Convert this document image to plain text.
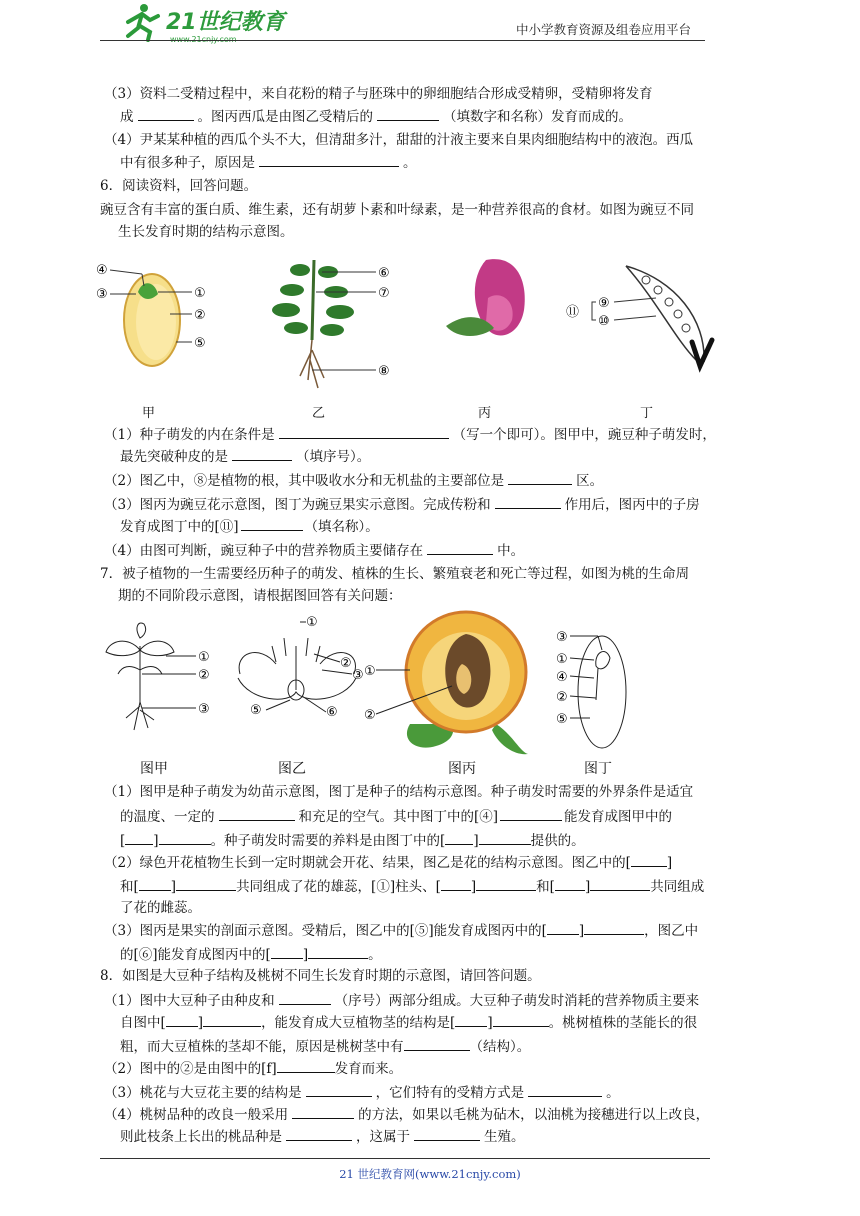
21世纪教育
www.21cnjy.com
中小学教育资源及组卷应用平台
（3）资料二受精过程中，来自花粉的精子与胚珠中的卵细胞结合形成受精卵，受精卵将发育
成	。图丙西瓜是由图乙受精后的	（填数字和名称）发育而成的。
（4）尹某某种植的西瓜个头不大，但清甜多汁，甜甜的汁液主要来自果肉细胞结构中的液泡。西瓜
中有很多种子，原因是	。
6．阅读资料，回答问题。
豌豆含有丰富的蛋白质、维生素，还有胡萝卜素和叶绿素，是一种营养很高的食材。如图为豌豆不同
生长发育时期的结构示意图。
④
③	①
②
⑤
⑥
⑦
⑧
⑪
⑨
⑩
甲	乙	丙	丁
（1）种子萌发的内在条件是	（写一个即可）。图甲中，豌豆种子萌发时，
最先突破种皮的是	（填序号）。
（2）图乙中，⑧是植物的根，其中吸收水分和无机盐的主要部位是	区。
（3）图丙为豌豆花示意图，图丁为豌豆果实示意图。完成传粉和	作用后，图丙中的子房
发育成图丁中的[⑪]	（填名称）。
（4）由图可判断，豌豆种子中的营养物质主要储存在	中。
7．被子植物的一生需要经历种子的萌发、植株的生长、繁殖衰老和死亡等过程，如图为桃的生命周
期的不同阶段示意图，请根据图回答有关问题：
①
②
③
①
②
③
⑤	⑥
①
②
③
①
④
②
⑤
图甲	图乙	图丙	图丁
（1）图甲是种子萌发为幼苗示意图，图丁是种子的结构示意图。种子萌发时需要的外界条件是适宜
的温度、一定的	和充足的空气。其中图丁中的[④]	能发育成图甲中的
[ ]	。种子萌发时需要的养料是由图丁中的[ ]	提供的。
（2）绿色开花植物生长到一定时期就会开花、结果，图乙是花的结构示意图。图乙中的[	]
和[ ]	共同组成了花的雄蕊，[①]柱头、[ ]	和[ ]	共同组成
了花的雌蕊。
（3）图丙是果实的剖面示意图。受精后，图乙中的[⑤]能发育成图丙中的[ ]	，图乙中
的[⑥]能发育成图丙中的[ ]	。
8．如图是大豆种子结构及桃树不同生长发育时期的示意图，请回答问题。
（1）图中大豆种子由种皮和	（序号）两部分组成。大豆种子萌发时消耗的营养物质主要来
自图中[ ]	，能发育成大豆植物茎的结构是[ ]	。桃树植株的茎能长的很
粗，而大豆植株的茎却不能，原因是桃树茎中有	（结构）。
（2）图中的②是由图中的[f]	发育而来。
（3）桃花与大豆花主要的结构是	，它们特有的受精方式是	。
（4）桃树品种的改良一般采用	的方法，如果以毛桃为砧木，以油桃为接穗进行以上改良，
则此枝条上长出的桃品种是	，这属于	生殖。
21 世纪教育网(www.21cnjy.com)
